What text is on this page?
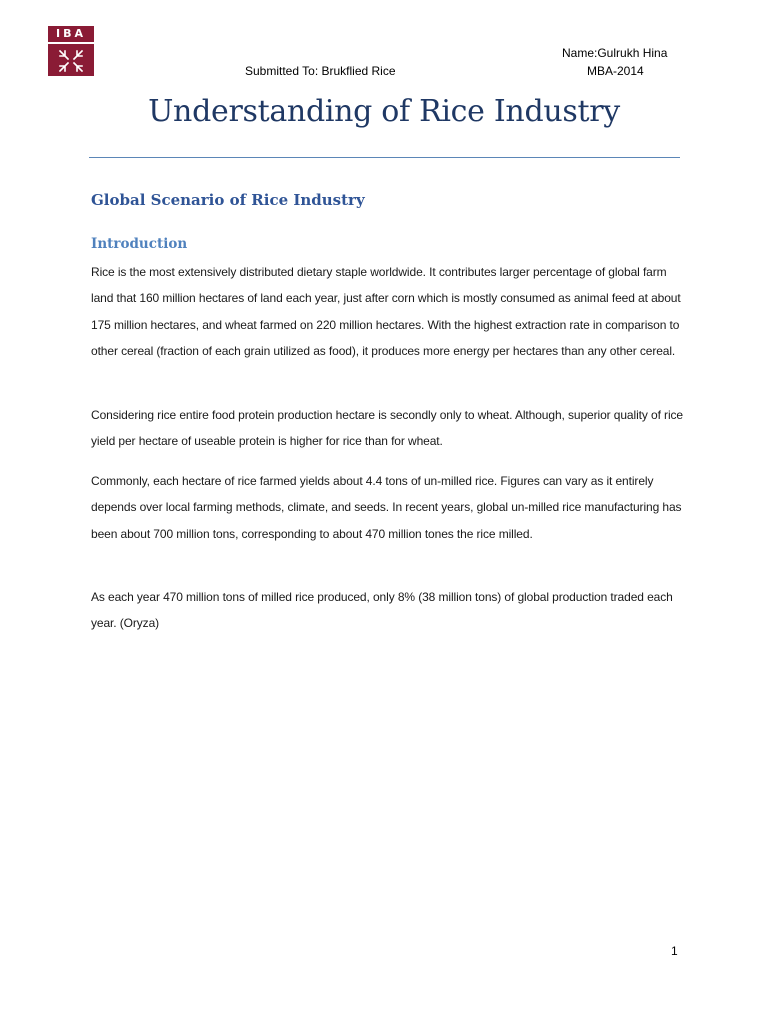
IBA
Submitted To: Brukflied Rice
Name:Gulrukh Hina
MBA-2014
Understanding of Rice Industry
Global Scenario of Rice Industry
Introduction

Rice is the most extensively distributed dietary staple worldwide. It contributes larger percentage of global farm land that 160 million hectares of land each year, just after corn which is mostly consumed as animal feed at about 175 million hectares, and wheat farmed on 220 million hectares. With the highest extraction rate in comparison to other cereal (fraction of each grain utilized as food), it produces more energy per hectares than any other cereal.

Considering rice entire food protein production hectare is secondly only to wheat. Although, superior quality of rice yield per hectare of useable protein is higher for rice than for wheat.

Commonly, each hectare of rice farmed yields about 4.4 tons of un-milled rice. Figures can vary as it entirely depends over local farming methods, climate, and seeds. In recent years, global un-milled rice manufacturing has been about 700 million tons, corresponding to about 470 million tones the rice milled.

As each year 470 million tons of milled rice produced, only 8% (38 million tons) of global production traded each year. (Oryza)

1
